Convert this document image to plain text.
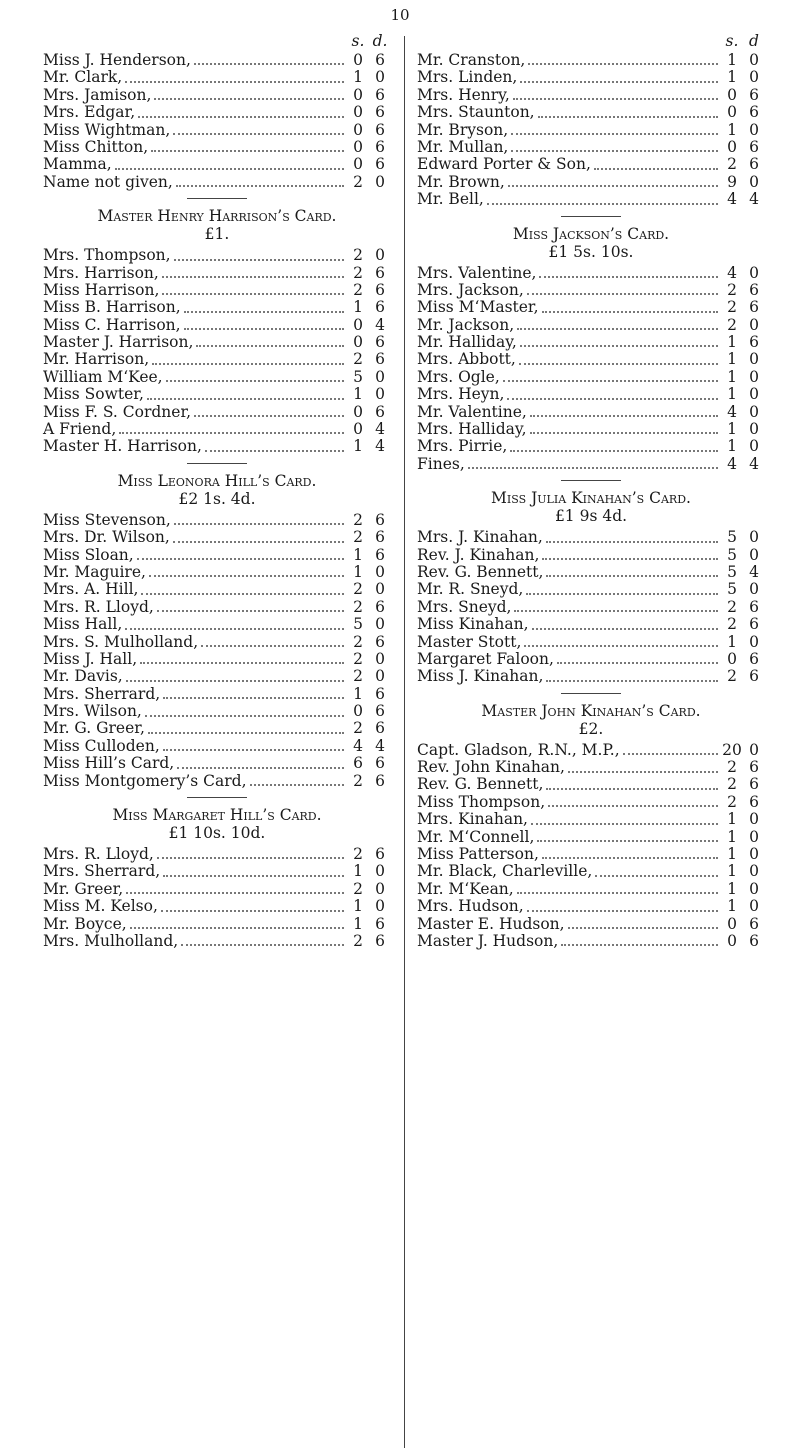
10
s. d.
Miss J. Henderson,	0 6
Mr. Clark,	1 0
Mrs. Jamison,	0 6
Mrs. Edgar,	0 6
Miss Wightman,	0 6
Miss Chitton,	0 6
Mamma,	0 6
Name not given,	2 0
Master Henry Harrison’s Card.
£1.
Mrs. Thompson,	2 0
Mrs. Harrison,	2 6
Miss Harrison,	2 6
Miss B. Harrison,	1 6
Miss C. Harrison,	0 4
Master J. Harrison,	0 6
Mr. Harrison,	2 6
William M‘Kee,	5 0
Miss Sowter,	1 0
Miss F. S. Cordner,	0 6
A Friend,	0 4
Master H. Harrison,	1 4
Miss Leonora Hill’s Card.
£2 1s. 4d.
Miss Stevenson,	2 6
Mrs. Dr. Wilson,	2 6
Miss Sloan,	1 6
Mr. Maguire,	1 0
Mrs. A. Hill,	2 0
Mrs. R. Lloyd,	2 6
Miss Hall,	5 0
Mrs. S. Mulholland,	2 6
Miss J. Hall,	2 0
Mr. Davis,	2 0
Mrs. Sherrard,	1 6
Mrs. Wilson,	0 6
Mr. G. Greer,	2 6
Miss Culloden,	4 4
Miss Hill’s Card,	6 6
Miss Montgomery’s Card,	2 6
Miss Margaret Hill’s Card.
£1 10s. 10d.
Mrs. R. Lloyd,	2 6
Mrs. Sherrard,	1 0
Mr. Greer,	2 0
Miss M. Kelso,	1 0
Mr. Boyce,	1 6
Mrs. Mulholland,	2 6
s. d
Mr. Cranston,	1 0
Mrs. Linden,	1 0
Mrs. Henry,	0 6
Mrs. Staunton,	0 6
Mr. Bryson,	1 0
Mr. Mullan,	0 6
Edward Porter & Son,	2 6
Mr. Brown,	9 0
Mr. Bell,	4 4
Miss Jackson’s Card.
£1 5s. 10s.
Mrs. Valentine,	4 0
Mrs. Jackson,	2 6
Miss M‘Master,	2 6
Mr. Jackson,	2 0
Mr. Halliday,	1 6
Mrs. Abbott,	1 0
Mrs. Ogle,	1 0
Mrs. Heyn,	1 0
Mr. Valentine,	4 0
Mrs. Halliday,	1 0
Mrs. Pirrie,	1 0
Fines,	4 4
Miss Julia Kinahan’s Card.
£1 9s 4d.
Mrs. J. Kinahan,	5 0
Rev. J. Kinahan,	5 0
Rev. G. Bennett,	5 4
Mr. R. Sneyd,	5 0
Mrs. Sneyd,	2 6
Miss Kinahan,	2 6
Master Stott,	1 0
Margaret Faloon,	0 6
Miss J. Kinahan,	2 6
Master John Kinahan’s Card.
£2.
Capt. Gladson, R.N., M.P.,	20 0
Rev. John Kinahan,	2 6
Rev. G. Bennett,	2 6
Miss Thompson,	2 6
Mrs. Kinahan,	1 0
Mr. M‘Connell,	1 0
Miss Patterson,	1 0
Mr. Black, Charleville,	1 0
Mr. M‘Kean,	1 0
Mrs. Hudson,	1 0
Master E. Hudson,	0 6
Master J. Hudson,	0 6
